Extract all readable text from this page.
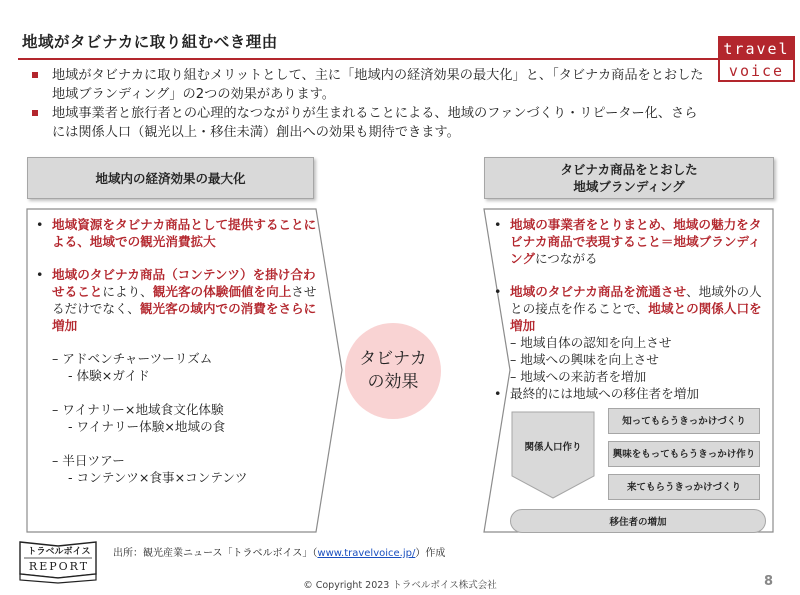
地域がタビナカに取り組むべき理由	travel
voice
地域がタビナカに取り組むメリットとして、主に「地域内の経済効果の最大化」と、「タビナカ商品をとおした地域ブランディング」の2つの効果があります。
地域事業者と旅行者との心理的なつながりが生まれることによる、地域のファンづくり・リピーター化、さらには関係人口（観光以上・移住未満）創出への効果も期待できます。
地域内の経済効果の最大化
タビナカ商品をとおした
地域ブランディング
• 地域資源をタビナカ商品として提供することによる、地域での観光消費拡大
• 地域のタビナカ商品（コンテンツ）を掛け合わせることにより、観光客の体験価値を向上させるだけでなく、観光客の域内での消費をさらに増加
– アドベンチャーツーリズム
- 体験×ガイド
– ワイナリー×地域食文化体験
- ワイナリー体験×地域の食
– 半日ツアー
- コンテンツ×食事×コンテンツ
タビナカ
の効果
• 地域の事業者をとりまとめ、地域の魅力をタビナカ商品で表現すること＝地域ブランディングにつながる
• 地域のタビナカ商品を流通させ、地域外の人との接点を作ることで、地域との関係人口を増加
– 地域自体の認知を向上させ
– 地域への興味を向上させ
– 地域への来訪者を増加
• 最終的には地域への移住者を増加
関係人口作り
知ってもらうきっかけづくり
興味をもってもらうきっかけ作り
来てもらうきっかけづくり
移住者の増加
トラベルボイス
REPORT
出所：観光産業ニュース「トラベルボイス」（www.travelvoice.jp/）作成
© Copyright 2023 トラベルボイス株式会社	8
